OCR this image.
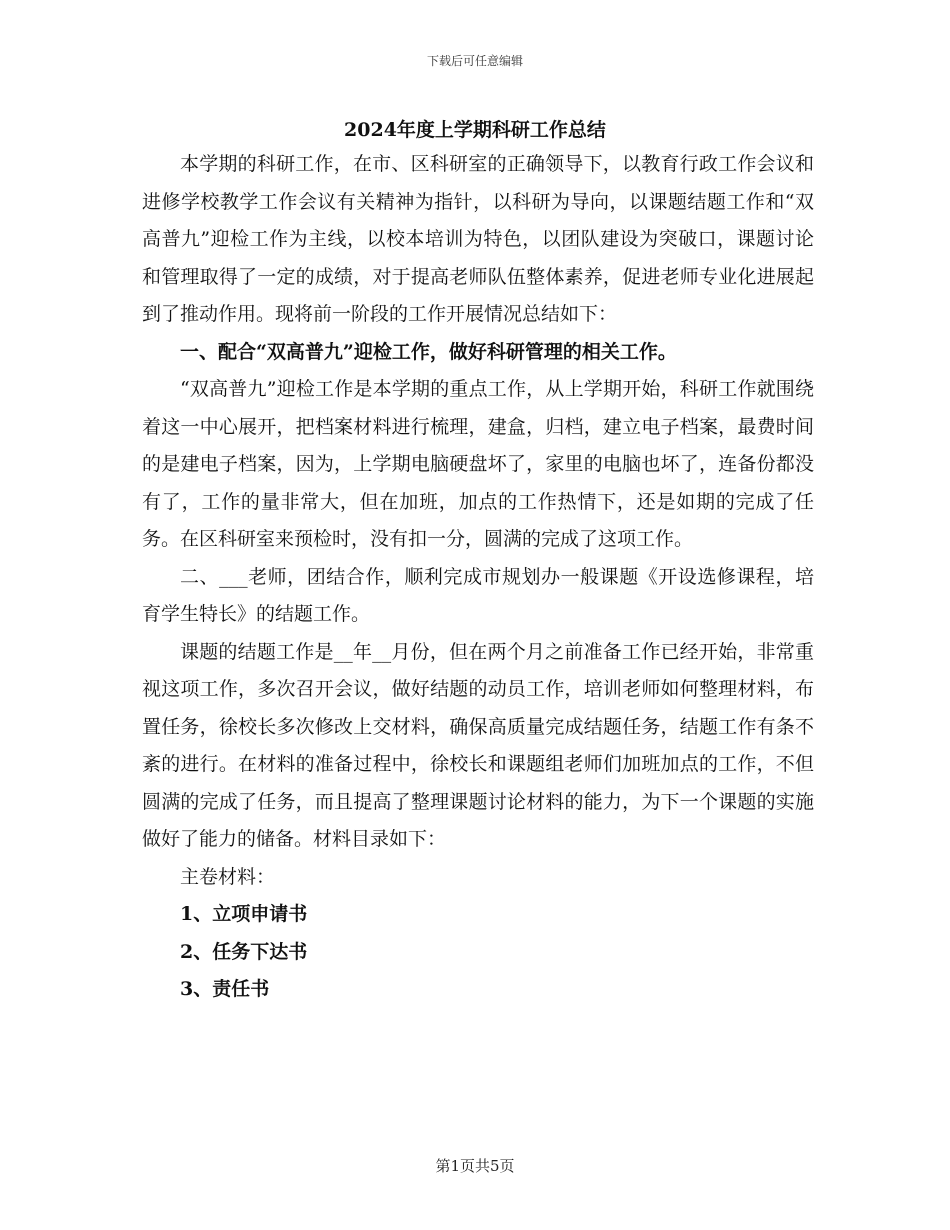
下载后可任意编辑
2024年度上学期科研工作总结

本学期的科研工作，在市、区科研室的正确领导下，以教育行政工作会议和进修学校教学工作会议有关精神为指针，以科研为导向，以课题结题工作和“双高普九”迎检工作为主线，以校本培训为特色，以团队建设为突破口，课题讨论和管理取得了一定的成绩，对于提高老师队伍整体素养，促进老师专业化进展起到了推动作用。现将前一阶段的工作开展情况总结如下：

一、配合“双高普九”迎检工作，做好科研管理的相关工作。

“双高普九”迎检工作是本学期的重点工作，从上学期开始，科研工作就围绕着这一中心展开，把档案材料进行梳理，建盒，归档，建立电子档案，最费时间的是建电子档案，因为，上学期电脑硬盘坏了，家里的电脑也坏了，连备份都没有了，工作的量非常大，但在加班，加点的工作热情下，还是如期的完成了任务。在区科研室来预检时，没有扣一分，圆满的完成了这项工作。

二、___老师，团结合作，顺利完成市规划办一般课题《开设选修课程，培育学生特长》的结题工作。

课题的结题工作是__年__月份，但在两个月之前准备工作已经开始，非常重视这项工作，多次召开会议，做好结题的动员工作，培训老师如何整理材料，布置任务，徐校长多次修改上交材料，确保高质量完成结题任务，结题工作有条不紊的进行。在材料的准备过程中，徐校长和课题组老师们加班加点的工作，不但圆满的完成了任务，而且提高了整理课题讨论材料的能力，为下一个课题的实施做好了能力的储备。材料目录如下：

主卷材料：

1、立项申请书

2、任务下达书

3、责任书

第1页共5页
